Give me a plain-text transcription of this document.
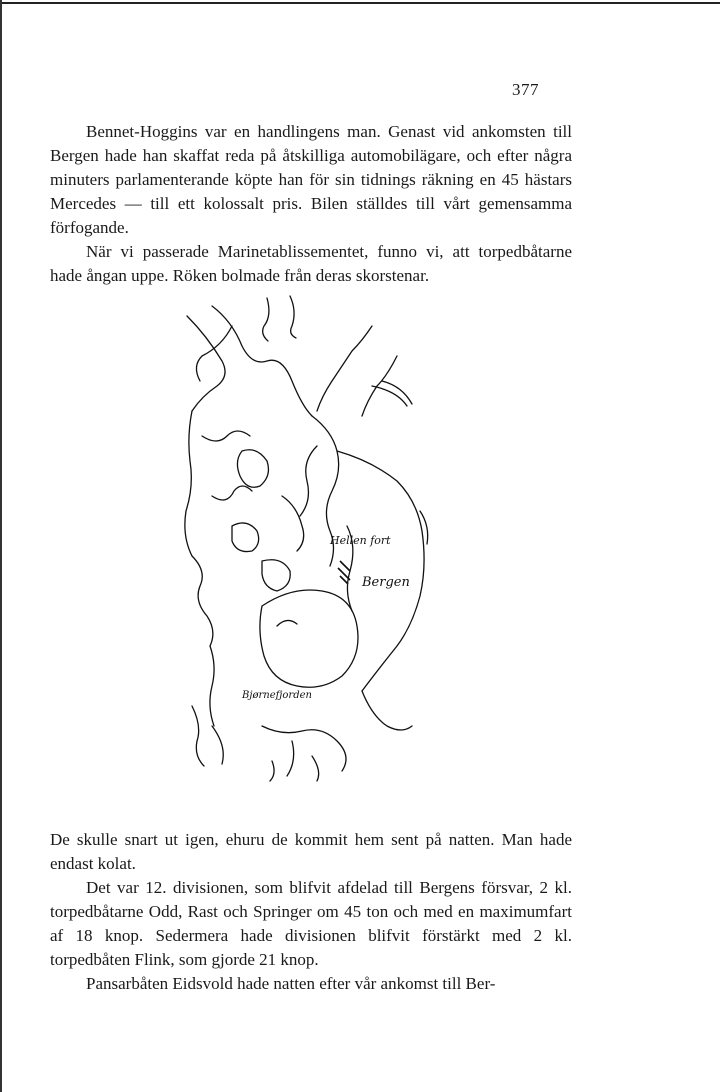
377

Bennet-Hoggins var en handlingens man. Genast vid ankomsten till Bergen hade han skaffat reda på åtskilliga automobilägare, och efter några minuters parlamenterande köpte han för sin tidnings räkning en 45 hästars Mercedes — till ett kolossalt pris. Bilen ställdes till vårt gemensamma förfogande.

När vi passerade Marinetablissementet, funno vi, att torpedbåtarne hade ångan uppe. Röken bolmade från deras skorstenar.

Bergen
Hellen fort
Bjørnefjorden

De skulle snart ut igen, ehuru de kommit hem sent på natten. Man hade endast kolat.

Det var 12. divisionen, som blifvit afdelad till Bergens försvar, 2 kl. torpedbåtarne Odd, Rast och Springer om 45 ton och med en maximumfart af 18 knop. Sedermera hade divisionen blifvit förstärkt med 2 kl. torpedbåten Flink, som gjorde 21 knop.

Pansarbåten Eidsvold hade natten efter vår ankomst till Ber-
